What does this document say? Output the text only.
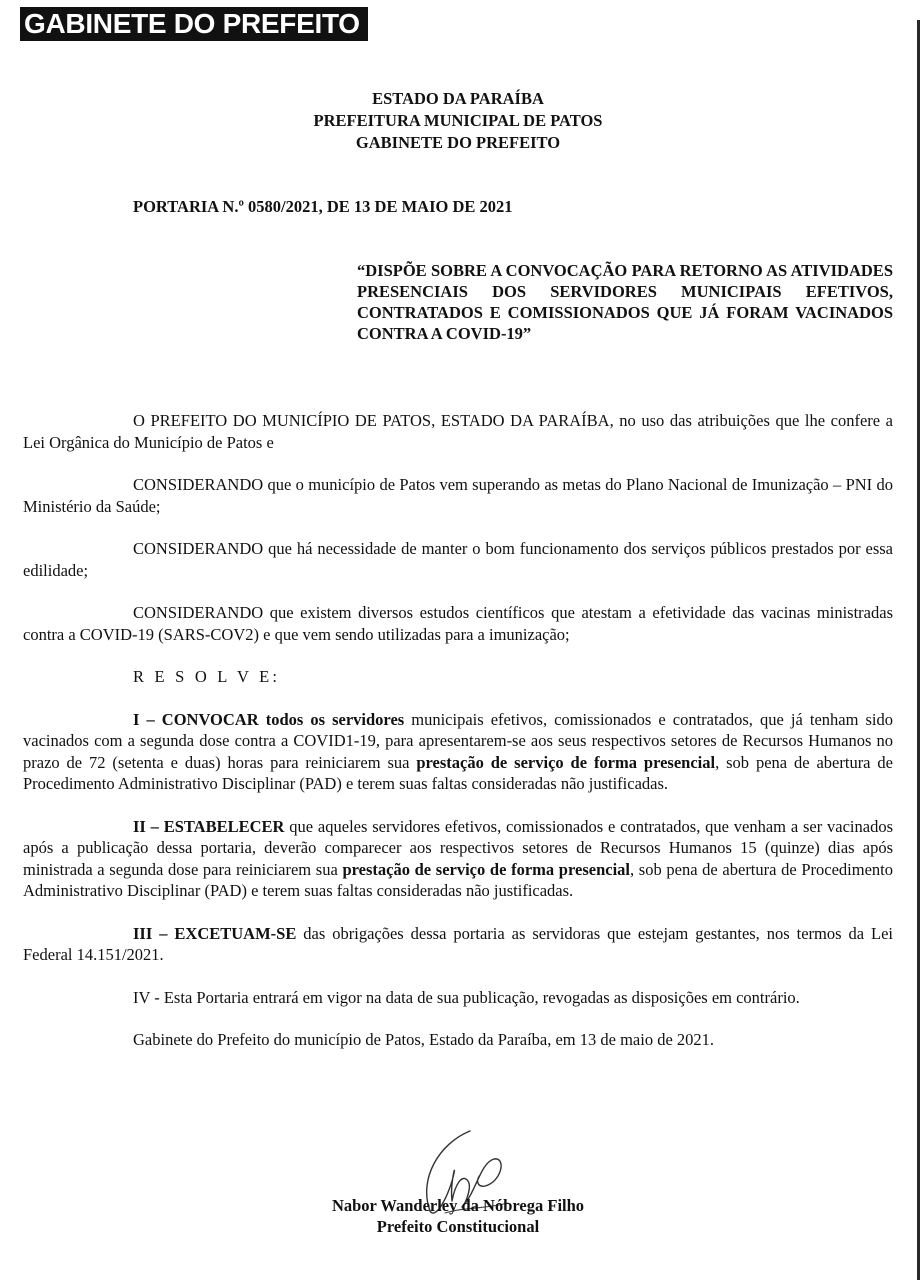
GABINETE DO PREFEITO
ESTADO DA PARAÍBA
PREFEITURA MUNICIPAL DE PATOS
GABINETE DO PREFEITO
PORTARIA N.º 0580/2021, DE 13 DE MAIO DE 2021
“DISPÕE SOBRE A CONVOCAÇÃO PARA RETORNO AS ATIVIDADES PRESENCIAIS DOS SERVIDORES MUNICIPAIS EFETIVOS, CONTRATADOS E COMISSIONADOS QUE JÁ FORAM VACINADOS CONTRA A COVID-19”

O PREFEITO DO MUNICÍPIO DE PATOS, ESTADO DA PARAÍBA, no uso das atribuições que lhe confere a Lei Orgânica do Município de Patos e

CONSIDERANDO que o município de Patos vem superando as metas do Plano Nacional de Imunização – PNI do Ministério da Saúde;

CONSIDERANDO que há necessidade de manter o bom funcionamento dos serviços públicos prestados por essa edilidade;

CONSIDERANDO que existem diversos estudos científicos que atestam a efetividade das vacinas ministradas contra a COVID-19 (SARS-COV2) e que vem sendo utilizadas para a imunização;

R E S O L V E:

I – CONVOCAR todos os servidores municipais efetivos, comissionados e contratados, que já tenham sido vacinados com a segunda dose contra a COVID1-19, para apresentarem-se aos seus respectivos setores de Recursos Humanos no prazo de 72 (setenta e duas) horas para reiniciarem sua prestação de serviço de forma presencial, sob pena de abertura de Procedimento Administrativo Disciplinar (PAD) e terem suas faltas consideradas não justificadas.

II – ESTABELECER que aqueles servidores efetivos, comissionados e contratados, que venham a ser vacinados após a publicação dessa portaria, deverão comparecer aos respectivos setores de Recursos Humanos 15 (quinze) dias após ministrada a segunda dose para reiniciarem sua prestação de serviço de forma presencial, sob pena de abertura de Procedimento Administrativo Disciplinar (PAD) e terem suas faltas consideradas não justificadas.

III – EXCETUAM-SE das obrigações dessa portaria as servidoras que estejam gestantes, nos termos da Lei Federal 14.151/2021.

IV - Esta Portaria entrará em vigor na data de sua publicação, revogadas as disposições em contrário.

Gabinete do Prefeito do município de Patos, Estado da Paraíba, em 13 de maio de 2021.

Nabor Wanderley da Nóbrega Filho
Prefeito Constitucional
